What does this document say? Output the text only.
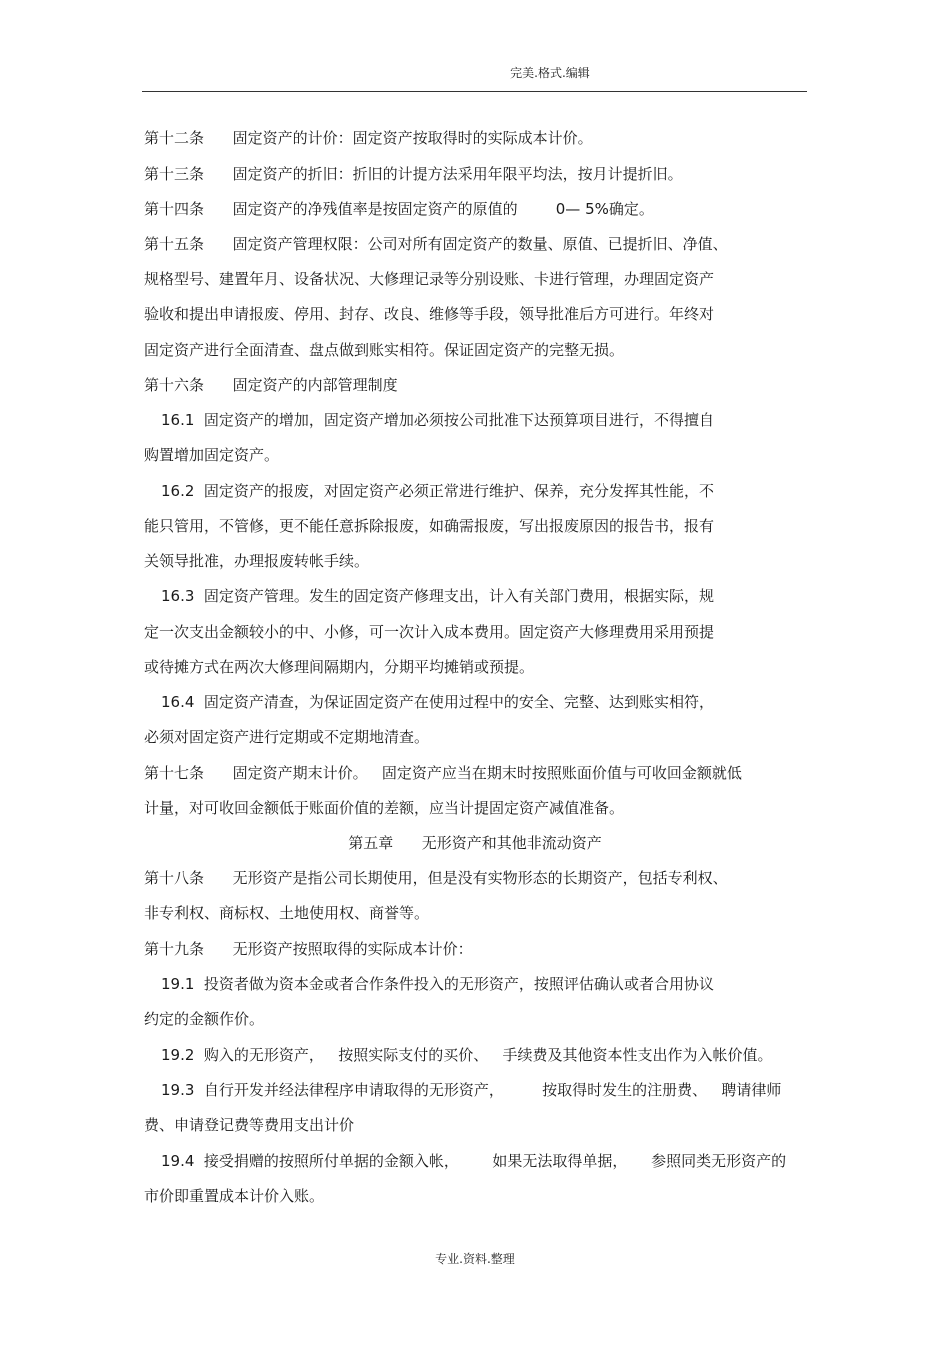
完美.格式.编辑
第十二条      固定资产的计价：固定资产按取得时的实际成本计价。
第十三条      固定资产的折旧：折旧的计提方法采用年限平均法，按月计提折旧。
第十四条      固定资产的净残值率是按固定资产的原值的        0— 5%确定。
第十五条      固定资产管理权限：公司对所有固定资产的数量、原值、已提折旧、净值、
规格型号、建置年月、设备状况、大修理记录等分别设账、卡进行管理，办理固定资产
验收和提出申请报废、停用、封存、改良、维修等手段，领导批准后方可进行。年终对
固定资产进行全面清查、盘点做到账实相符。保证固定资产的完整无损。
第十六条      固定资产的内部管理制度
16.1  固定资产的增加，固定资产增加必须按公司批准下达预算项目进行，不得擅自
购置增加固定资产。
16.2  固定资产的报废，对固定资产必须正常进行维护、保养，充分发挥其性能，不
能只管用，不管修，更不能任意拆除报废，如确需报废，写出报废原因的报告书，报有
关领导批准，办理报废转帐手续。
16.3  固定资产管理。发生的固定资产修理支出，计入有关部门费用，根据实际，规
定一次支出金额较小的中、小修，可一次计入成本费用。固定资产大修理费用采用预提
或待摊方式在两次大修理间隔期内，分期平均摊销或预提。
16.4  固定资产清查，为保证固定资产在使用过程中的安全、完整、达到账实相符，
必须对固定资产进行定期或不定期地清查。
第十七条      固定资产期末计价。   固定资产应当在期末时按照账面价值与可收回金额就低
计量，对可收回金额低于账面价值的差额，应当计提固定资产减值准备。
第五章      无形资产和其他非流动资产
第十八条      无形资产是指公司长期使用，但是没有实物形态的长期资产，包括专利权、
非专利权、商标权、土地使用权、商誉等。
第十九条      无形资产按照取得的实际成本计价：
19.1  投资者做为资本金或者合作条件投入的无形资产，按照评估确认或者合用协议
约定的金额作价。
19.2  购入的无形资产，   按照实际支付的买价、   手续费及其他资本性支出作为入帐价值。
19.3  自行开发并经法律程序申请取得的无形资产，        按取得时发生的注册费、   聘请律师
费、申请登记费等费用支出计价
19.4  接受捐赠的按照所付单据的金额入帐，       如果无法取得单据，     参照同类无形资产的
市价即重置成本计价入账。
专业.资料.整理
